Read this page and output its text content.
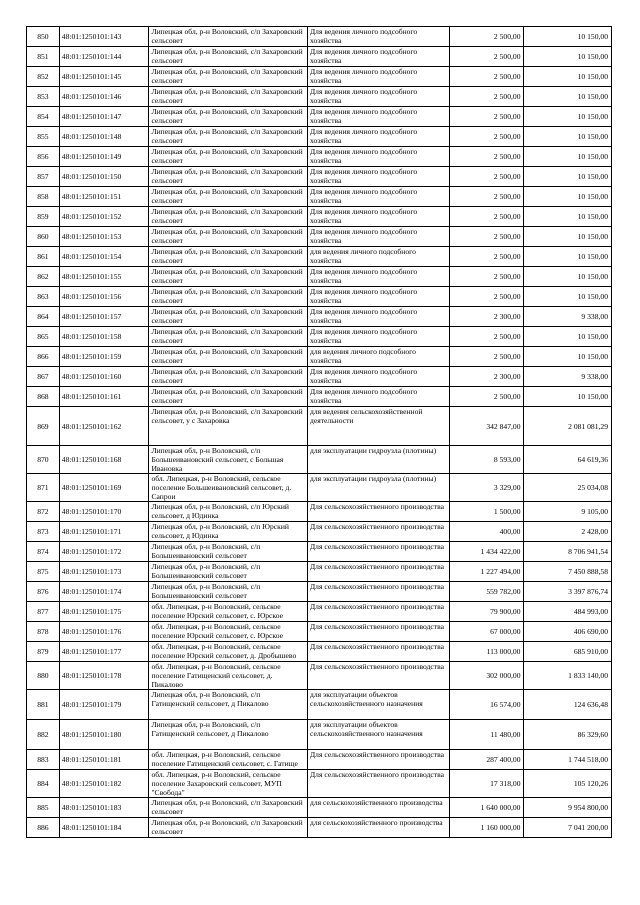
850	48:01:1250101:143	Липецкая обл, р-н Воловский, с/п Захаровский сельсовет	Для ведения личного подсобного хозяйства	2 500,00	10 150,00
851	48:01:1250101:144	Липецкая обл, р-н Воловский, с/п Захаровский сельсовет	Для ведения личного подсобного хозяйства	2 500,00	10 150,00
852	48:01:1250101:145	Липецкая обл, р-н Воловский, с/п Захаровский сельсовет	Для ведения личного подсобного хозяйства	2 500,00	10 150,00
853	48:01:1250101:146	Липецкая обл, р-н Воловский, с/п Захаровский сельсовет	Для ведения личного подсобного хозяйства	2 500,00	10 150,00
854	48:01:1250101:147	Липецкая обл, р-н Воловский, с/п Захаровский сельсовет	Для ведения личного подсобного хозяйства	2 500,00	10 150,00
855	48:01:1250101:148	Липецкая обл, р-н Воловский, с/п Захаровский сельсовет	Для ведения личного подсобного хозяйства	2 500,00	10 150,00
856	48:01:1250101:149	Липецкая обл, р-н Воловский, с/п Захаровский сельсовет	Для ведения личного подсобного хозяйства	2 500,00	10 150,00
857	48:01:1250101:150	Липецкая обл, р-н Воловский, с/п Захаровский сельсовет	Для ведения личного подсобного хозяйства	2 500,00	10 150,00
858	48:01:1250101:151	Липецкая обл, р-н Воловский, с/п Захаровский сельсовет	Для ведения личного подсобного хозяйства	2 500,00	10 150,00
859	48:01:1250101:152	Липецкая обл, р-н Воловский, с/п Захаровский сельсовет	Для ведения личного подсобного хозяйства	2 500,00	10 150,00
860	48:01:1250101:153	Липецкая обл, р-н Воловский, с/п Захаровский сельсовет	Для ведения личного подсобного хозяйства	2 500,00	10 150,00
861	48:01:1250101:154	Липецкая обл, р-н Воловский, с/п Захаровский сельсовет	для ведения личного подсобного хозяйства	2 500,00	10 150,00
862	48:01:1250101:155	Липецкая обл, р-н Воловский, с/п Захаровский сельсовет	Для ведения личного подсобного хозяйства	2 500,00	10 150,00
863	48:01:1250101:156	Липецкая обл, р-н Воловский, с/п Захаровский сельсовет	Для ведения личного подсобного хозяйства	2 500,00	10 150,00
864	48:01:1250101:157	Липецкая обл, р-н Воловский, с/п Захаровский сельсовет	Для ведения личного подсобного хозяйства	2 300,00	9 338,00
865	48:01:1250101:158	Липецкая обл, р-н Воловский, с/п Захаровский сельсовет	Для ведения личного подсобного хозяйства	2 500,00	10 150,00
866	48:01:1250101:159	Липецкая обл, р-н Воловский, с/п Захаровский сельсовет	для ведения личного подсобного хозяйства	2 500,00	10 150,00
867	48:01:1250101:160	Липецкая обл, р-н Воловский, с/п Захаровский сельсовет	Для ведения личного подсобного хозяйства	2 300,00	9 338,00
868	48:01:1250101:161	Липецкая обл, р-н Воловский, с/п Захаровский сельсовет	Для ведения личного подсобного хозяйства	2 500,00	10 150,00
869	48:01:1250101:162	Липецкая обл, р-н Воловский, с/п Захаровский сельсовет, у с Захаровка	для ведения сельскохозяйственной деятельности	342 847,00	2 081 081,29
870	48:01:1250101:168	Липецкая обл, р-н Воловский, с/п Большеивановский сельсовет, с Большая Ивановка	для эксплуатации гидроузла (плотины)	8 593,00	64 619,36
871	48:01:1250101:169	обл. Липецкая, р-н Воловский, сельское поселение Большеивановский сельсовет, д. Сапрои	для эксплуатации гидроузла (плотины)	3 329,00	25 034,08
872	48:01:1250101:170	Липецкая обл, р-н Воловский, с/п Юрский сельсовет, д Юдинка	Для сельскохозяйственного производства	1 500,00	9 105,00
873	48:01:1250101:171	Липецкая обл, р-н Воловский, с/п Юрский сельсовет, д Юдинка	Для сельскохозяйственного производства	400,00	2 428,00
874	48:01:1250101:172	Липецкая обл, р-н Воловский, с/п Большеивановский сельсовет	Для сельскохозяйственного производства	1 434 422,00	8 706 941,54
875	48:01:1250101:173	Липецкая обл, р-н Воловский, с/п Большеивановский сельсовет	Для сельскохозяйственного производства	1 227 494,00	7 450 888,58
876	48:01:1250101:174	Липецкая обл, р-н Воловский, с/п Большеивановский сельсовет	Для сельскохозяйственного производства	559 782,00	3 397 876,74
877	48:01:1250101:175	обл. Липецкая, р-н Воловский, сельское поселение Юрский сельсовет, с. Юрское	Для сельскохозяйственного производства	79 900,00	484 993,00
878	48:01:1250101:176	обл. Липецкая, р-н Воловский, сельское поселение Юрский сельсовет, с. Юрское	Для сельскохозяйственного производства	67 000,00	406 690,00
879	48:01:1250101:177	обл. Липецкая, р-н Воловский, сельское поселение Юрский сельсовет, д. Дробышево	Для сельскохозяйственного производства	113 000,00	685 910,00
880	48:01:1250101:178	обл. Липецкая, р-н Воловский, сельское поселение Гатищенский сельсовет, д. Пикалово	Для сельскохозяйственного производства	302 000,00	1 833 140,00
881	48:01:1250101:179	Липецкая обл, р-н Воловский, с/п Гатищенский сельсовет, д Пикалово	для эксплуатации объектов сельскохозяйственного назначения	16 574,00	124 636,48
882	48:01:1250101:180	Липецкая обл, р-н Воловский, с/п Гатищенский сельсовет, д Пикалово	для эксплуатации объектов сельскохозяйственного назначения	11 480,00	86 329,60
883	48:01:1250101:181	обл. Липецкая, р-н Воловский, сельское поселение Гатищенский сельсовет, с. Гатище	Для сельскохозяйственного производства	287 400,00	1 744 518,00
884	48:01:1250101:182	обл. Липецкая, р-н Воловский, сельское поселение Захаровский сельсовет, МУП "Свобода"	Для сельскохозяйственного производства	17 318,00	105 120,26
885	48:01:1250101:183	Липецкая обл, р-н Воловский, с/п Захаровский сельсовет	для сельскохозяйственного производства	1 640 000,00	9 954 800,00
886	48:01:1250101:184	Липецкая обл, р-н Воловский, с/п Захаровский сельсовет	для сельскохозяйственного производства	1 160 000,00	7 041 200,00
